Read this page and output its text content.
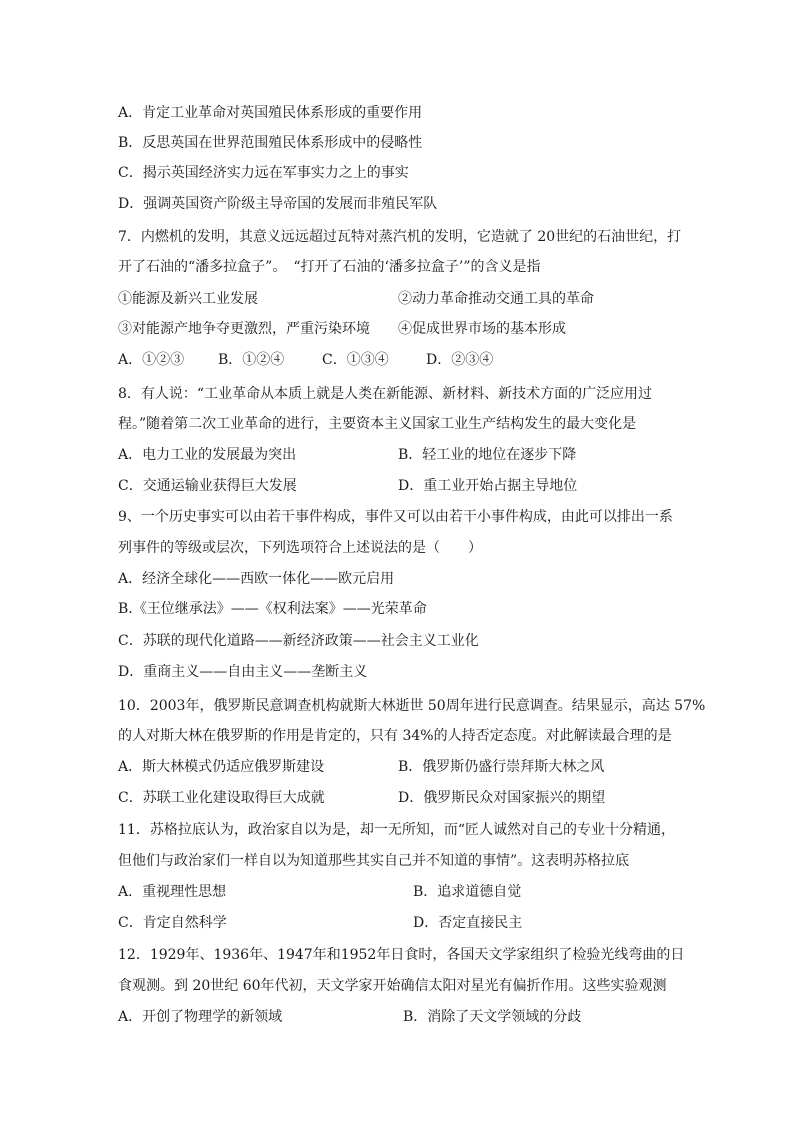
A．肯定工业革命对英国殖民体系形成的重要作用
B．反思英国在世界范围殖民体系形成中的侵略性
C．揭示英国经济实力远在军事实力之上的事实
D．强调英国资产阶级主导帝国的发展而非殖民军队
7．内燃机的发明，其意义远远超过瓦特对蒸汽机的发明，它造就了 20世纪的石油世纪，打
开了石油的“潘多拉盒子”。　“打开了石油的‘潘多拉盒子’”的含义是指
①能源及新兴工业发展	②动力革命推动交通工具的革命
③对能源产地争夺更激烈，严重污染环境 ④促成世界市场的基本形成
A．①②③ B．①②④	C．①③④	D．②③④
8．有人说：“工业革命从本质上就是人类在新能源、新材料、新技术方面的广泛应用过
程。”随着第二次工业革命的进行，主要资本主义国家工业生产结构发生的最大变化是
A．电力工业的发展最为突出	B．轻工业的地位在逐步下降
C．交通运输业获得巨大发展	D．重工业开始占据主导地位
9、一个历史事实可以由若干事件构成，事件又可以由若干小事件构成，由此可以排出一系
列事件的等级或层次，下列选项符合上述说法的是（　　）
A．经济全球化——西欧一体化——欧元启用
B.《王位继承法》——《权利法案》——光荣革命
C．苏联的现代化道路——新经济政策——社会主义工业化
D．重商主义——自由主义——垄断主义
10．2003年，俄罗斯民意调查机构就斯大林逝世 50周年进行民意调查。结果显示，高达 57%
的人对斯大林在俄罗斯的作用是肯定的，只有 34%的人持否定态度。对此解读最合理的是
A．斯大林模式仍适应俄罗斯建设	B．俄罗斯仍盛行崇拜斯大林之风
C．苏联工业化建设取得巨大成就	D．俄罗斯民众对国家振兴的期望
11．苏格拉底认为，政治家自以为是，却一无所知，而“匠人诚然对自己的专业十分精通，
但他们与政治家们一样自以为知道那些其实自己并不知道的事情”。这表明苏格拉底
A．重视理性思想	B．追求道德自觉
C．肯定自然科学	D．否定直接民主
12．1929年、1936年、1947年和1952年日食时，各国天文学家组织了检验光线弯曲的日
食观测。到 20世纪 60年代初，天文学家开始确信太阳对星光有偏折作用。这些实验观测
A．开创了物理学的新领域	B．消除了天文学领域的分歧
